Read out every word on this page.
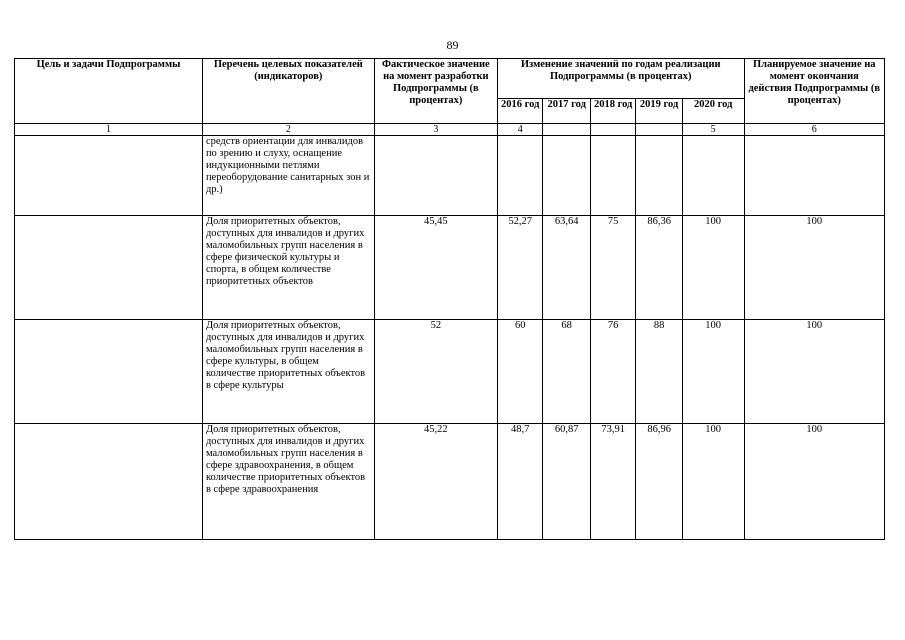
89
Цель и задачи Подпрограммы	Перечень целевых показателей (индикаторов)	Фактическое значение на момент разработки Подпрограммы (в процентах)	Изменение значений по годам реализации Подпрограммы (в процентах)					Планируемое значение на момент окончания действия Подпрограммы (в процентах)
			2016 год	2017 год	2018 год	2019 год	2020 год	
1	2	3	4				5	6
	средств ориентации для инвалидов по зрению и слуху, оснащение индукционными петлями переоборудование санитарных зон и др.)							
	Доля приоритетных объектов, доступных для инвалидов и других маломобильных групп населения в сфере физической культуры и спорта, в общем количестве приоритетных объектов	45,45	52,27	63,64	75	86,36	100	100
	Доля приоритетных объектов, доступных для инвалидов и других маломобильных групп населения в сфере культуры, в общем количестве приоритетных объектов в сфере культуры	52	60	68	76	88	100	100
	Доля приоритетных объектов, доступных для инвалидов и других маломобильных групп населения в сфере здравоохранения, в общем количестве приоритетных объектов в сфере здравоохранения	45,22	48,7	60,87	73,91	86,96	100	100
